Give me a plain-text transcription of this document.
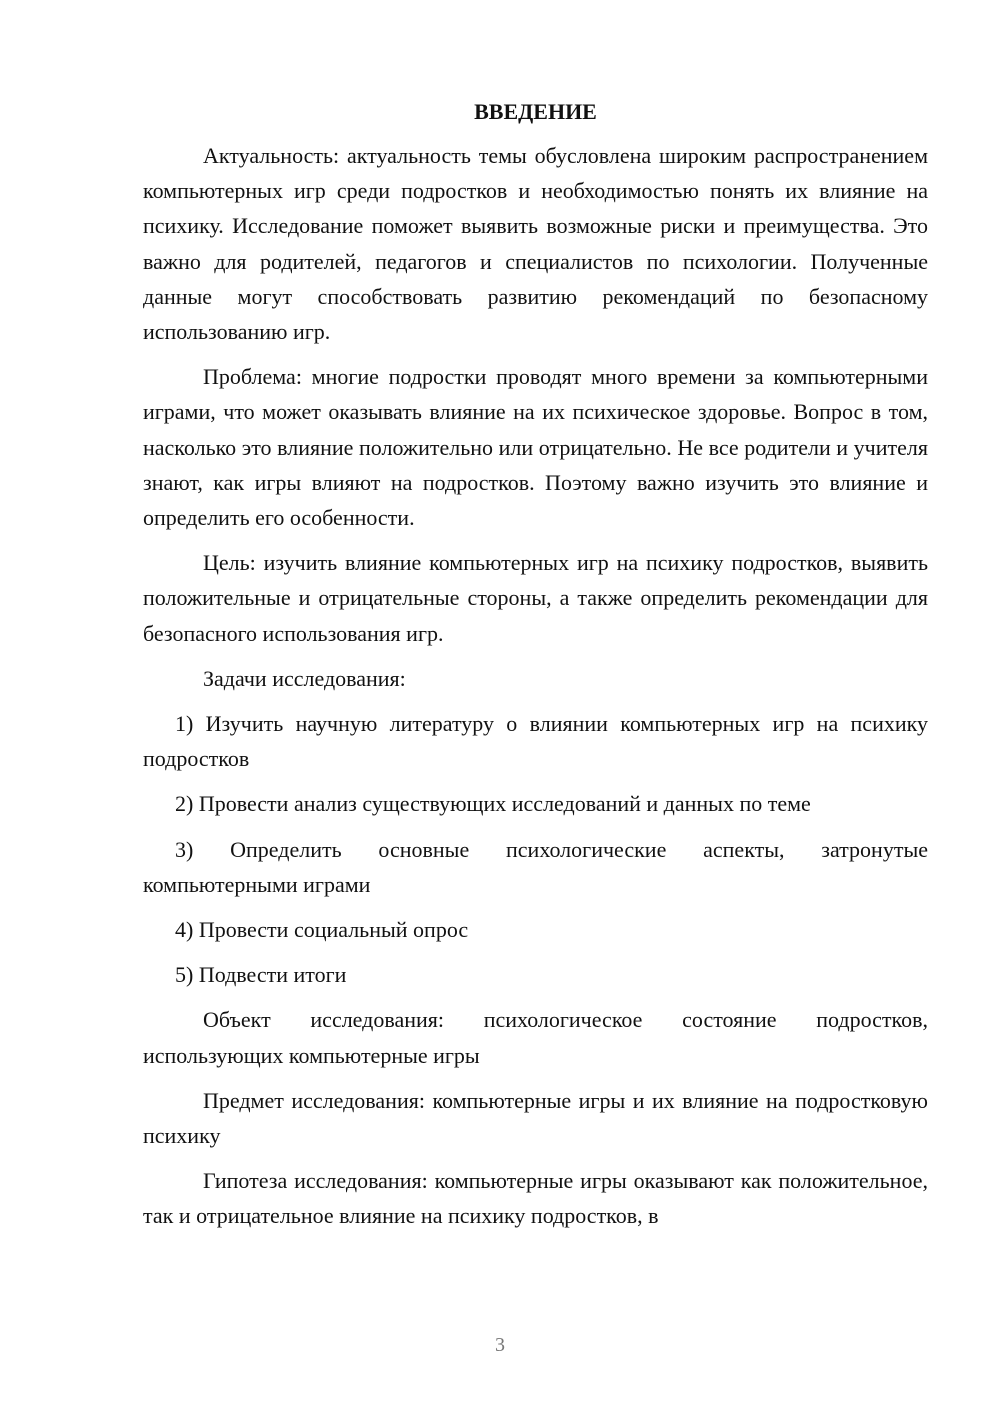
ВВЕДЕНИЕ

Актуальность: актуальность темы обусловлена широким распространением компьютерных игр среди подростков и необходимостью понять их влияние на психику. Исследование поможет выявить возможные риски и преимущества. Это важно для родителей, педагогов и специалистов по психологии. Полученные данные могут способствовать развитию рекомендаций по безопасному использованию игр.

Проблема: многие подростки проводят много времени за компьютерными играми, что может оказывать влияние на их психическое здоровье. Вопрос в том, насколько это влияние положительно или отрицательно. Не все родители и учителя знают, как игры влияют на подростков. Поэтому важно изучить это влияние и определить его особенности.

Цель: изучить влияние компьютерных игр на психику подростков, выявить положительные и отрицательные стороны, а также определить рекомендации для безопасного использования игр.

Задачи исследования:

1) Изучить научную литературу о влиянии компьютерных игр на психику подростков

2) Провести анализ существующих исследований и данных по теме

3) Определить основные психологические аспекты, затронутые компьютерными играми

4) Провести социальный опрос

5) Подвести итоги

Объект исследования: психологическое состояние подростков, использующих компьютерные игры

Предмет исследования: компьютерные игры и их влияние на подростковую психику

Гипотеза исследования: компьютерные игры оказывают как положительное, так и отрицательное влияние на психику подростков, в

3
